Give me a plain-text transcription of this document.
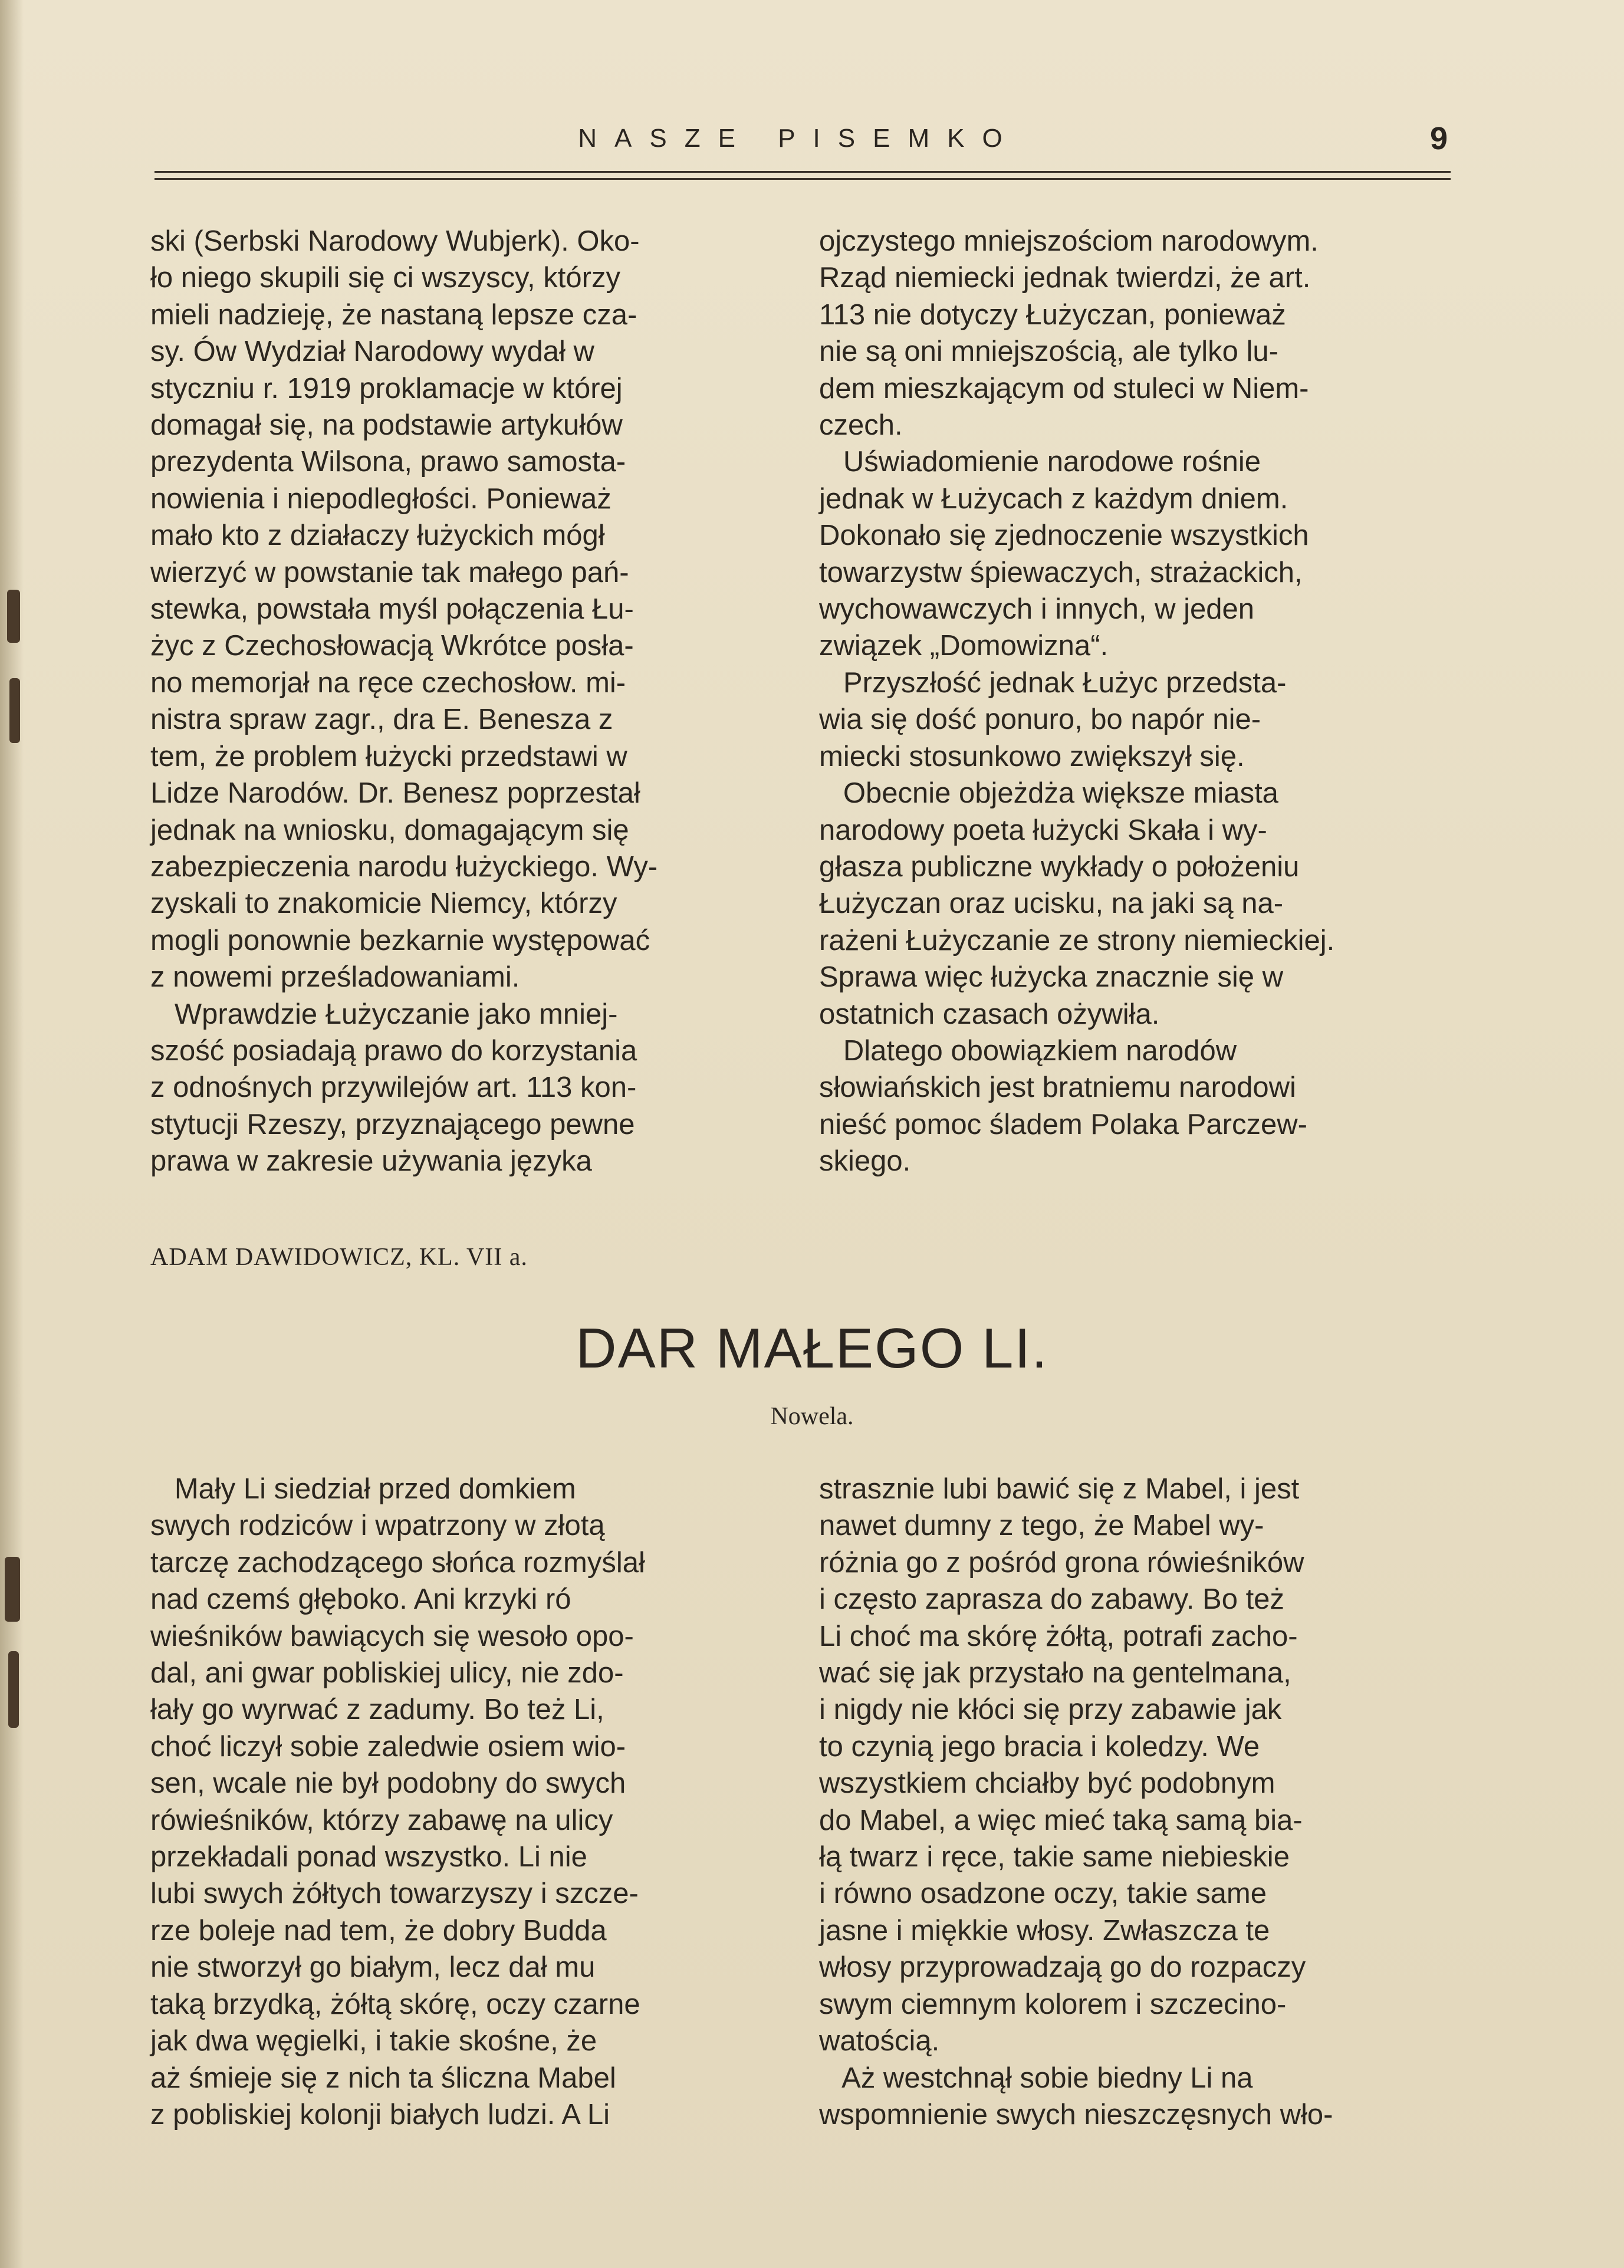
NASZE PISEMKO	9

ski (Serbski Narodowy Wubjerk). Oko-

ło niego skupili się ci wszyscy, którzy

mieli nadzieję, że nastaną lepsze cza-

sy. Ów Wydział Narodowy wydał w

styczniu r. 1919 proklamacje w której

domagał się, na podstawie artykułów

prezydenta Wilsona, prawo samosta-

nowienia i niepodległości. Ponieważ

mało kto z działaczy łużyckich mógł

wierzyć w powstanie tak małego pań-

stewka, powstała myśl połączenia Łu-

życ z Czechosłowacją Wkrótce posła-

no memorjał na ręce czechosłow. mi-

nistra spraw zagr., dra E. Benesza z

tem, że problem łużycki przedstawi w

Lidze Narodów. Dr. Benesz poprzestał

jednak na wniosku, domagającym się

zabezpieczenia narodu łużyckiego. Wy-

zyskali to znakomicie Niemcy, którzy

mogli ponownie bezkarnie występować

z nowemi prześladowaniami.

Wprawdzie Łużyczanie jako mniej-

szość posiadają prawo do korzystania

z odnośnych przywilejów art. 113 kon-

stytucji Rzeszy, przyznającego pewne

prawa w zakresie używania języka

ojczystego mniejszościom narodowym.

Rząd niemiecki jednak twierdzi, że art.

113 nie dotyczy Łużyczan, ponieważ

nie są oni mniejszością, ale tylko lu-

dem mieszkającym od stuleci w Niem-

czech.

Uświadomienie narodowe rośnie

jednak w Łużycach z każdym dniem.

Dokonało się zjednoczenie wszystkich

towarzystw śpiewaczych, strażackich,

wychowawczych i innych, w jeden

związek „Domowizna“.

Przyszłość jednak Łużyc przedsta-

wia się dość ponuro, bo napór nie-

miecki stosunkowo zwiększył się.

Obecnie objeżdża większe miasta

narodowy poeta łużycki Skała i wy-

głasza publiczne wykłady o położeniu

Łużyczan oraz ucisku, na jaki są na-

rażeni Łużyczanie ze strony niemieckiej.

Sprawa więc łużycka znacznie się w

ostatnich czasach ożywiła.

Dlatego obowiązkiem narodów

słowiańskich jest bratniemu narodowi

nieść pomoc śladem Polaka Parczew-

skiego.

ADAM DAWIDOWICZ, KL. VII a.
DAR MAŁEGO LI.
Nowela.

Mały Li siedział przed domkiem

swych rodziców i wpatrzony w złotą

tarczę zachodzącego słońca rozmyślał

nad czemś głęboko. Ani krzyki ró

wieśników bawiących się wesoło opo-

dal, ani gwar pobliskiej ulicy, nie zdo-

łały go wyrwać z zadumy. Bo też Li,

choć liczył sobie zaledwie osiem wio-

sen, wcale nie był podobny do swych

rówieśników, którzy zabawę na ulicy

przekładali ponad wszystko. Li nie

lubi swych żółtych towarzyszy i szcze-

rze boleje nad tem, że dobry Budda

nie stworzył go białym, lecz dał mu

taką brzydką, żółtą skórę, oczy czarne

jak dwa węgielki, i takie skośne, że

aż śmieje się z nich ta śliczna Mabel

z pobliskiej kolonji białych ludzi. A Li

strasznie lubi bawić się z Mabel, i jest

nawet dumny z tego, że Mabel wy-

różnia go z pośród grona rówieśników

i często zaprasza do zabawy. Bo też

Li choć ma skórę żółtą, potrafi zacho-

wać się jak przystało na gentelmana,

i nigdy nie kłóci się przy zabawie jak

to czynią jego bracia i koledzy. We

wszystkiem chciałby być podobnym

do Mabel, a więc mieć taką samą bia-

łą twarz i ręce, takie same niebieskie

i równo osadzone oczy, takie same

jasne i miękkie włosy. Zwłaszcza te

włosy przyprowadzają go do rozpaczy

swym ciemnym kolorem i szczecino-

watością.

Aż westchnął sobie biedny Li na

wspomnienie swych nieszczęsnych wło-
